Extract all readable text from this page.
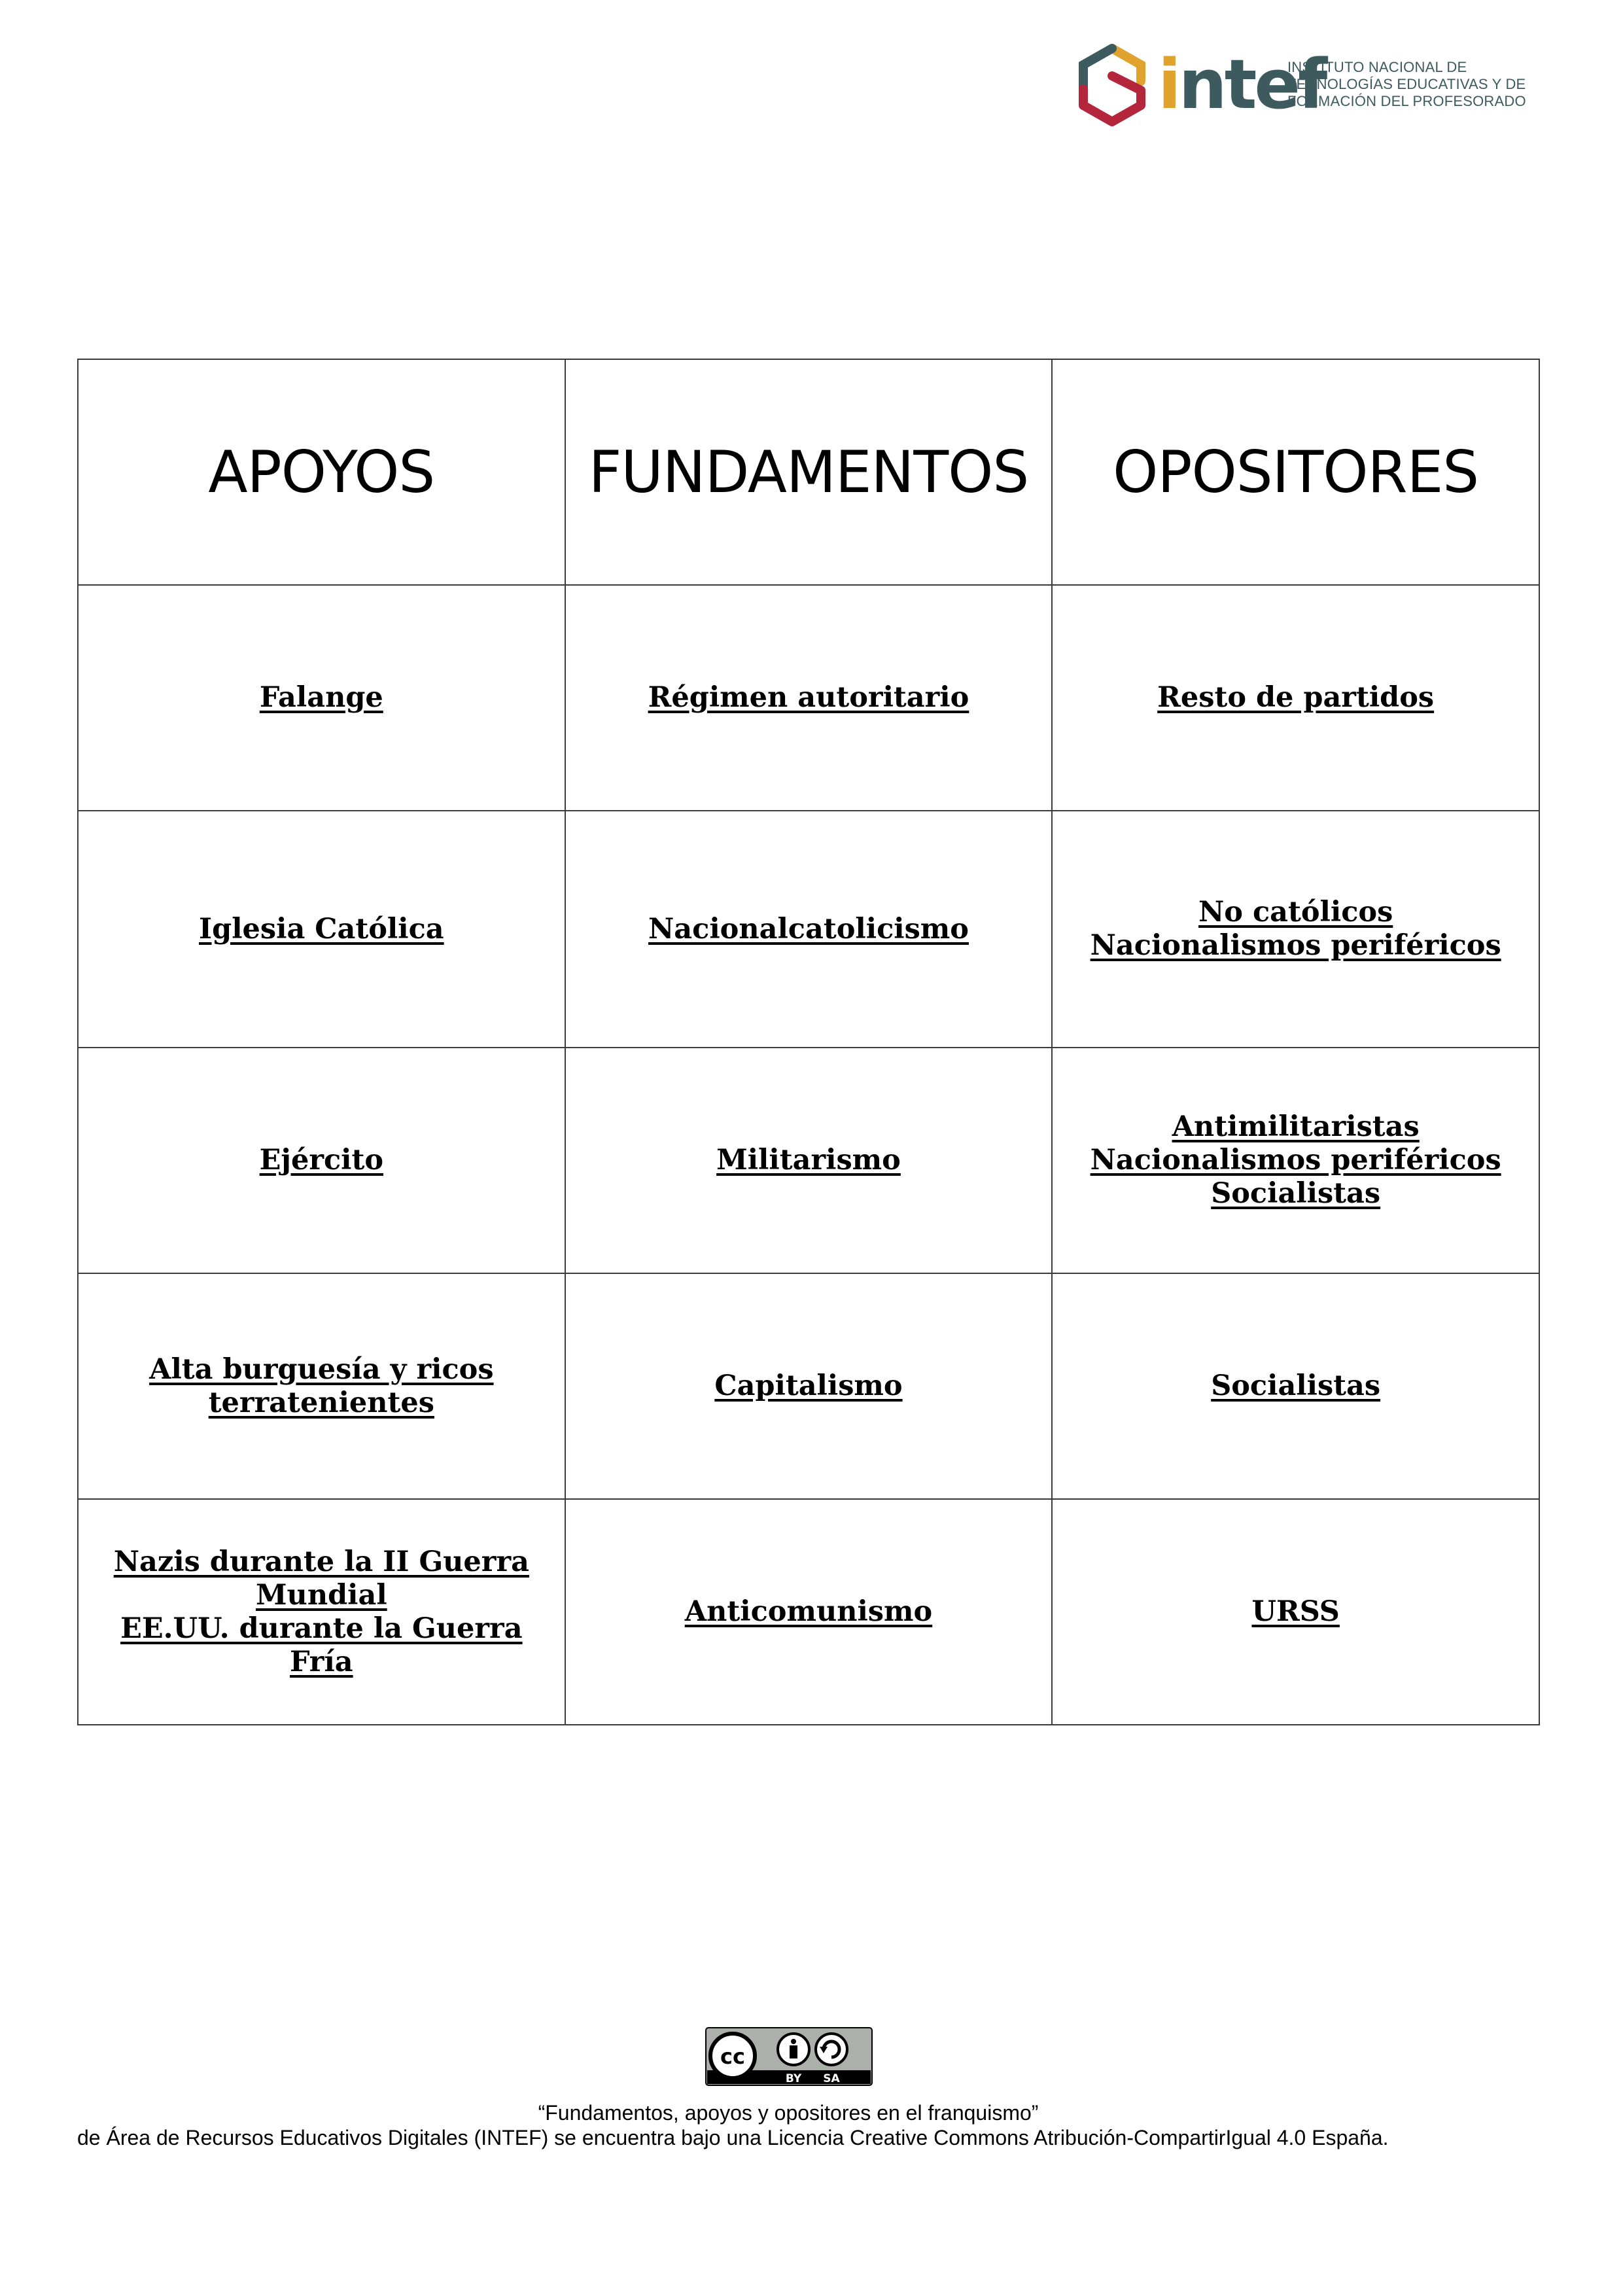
intef
INSTITUTO NACIONAL DE
TECNOLOGÍAS EDUCATIVAS Y DE
FORMACIÓN DEL PROFESORADO
APOYOS	FUNDAMENTOS	OPOSITORES

Falange	Régimen autoritario	Resto de partidos

Iglesia Católica	Nacionalcatolicismo	No católicos
Nacionalismos periféricos

Ejército	Militarismo	Antimilitaristas
Nacionalismos periféricos
Socialistas

Alta burguesía y ricos
terratenientes	Capitalismo	Socialistas

Nazis durante la II Guerra
Mundial
EE.UU. durante la Guerra Fría	Anticomunismo	URSS
cc
BY SA
“Fundamentos, apoyos y opositores en el franquismo”
de Área de Recursos Educativos Digitales (INTEF) se encuentra bajo una Licencia Creative Commons Atribución-CompartirIgual 4.0 España.
